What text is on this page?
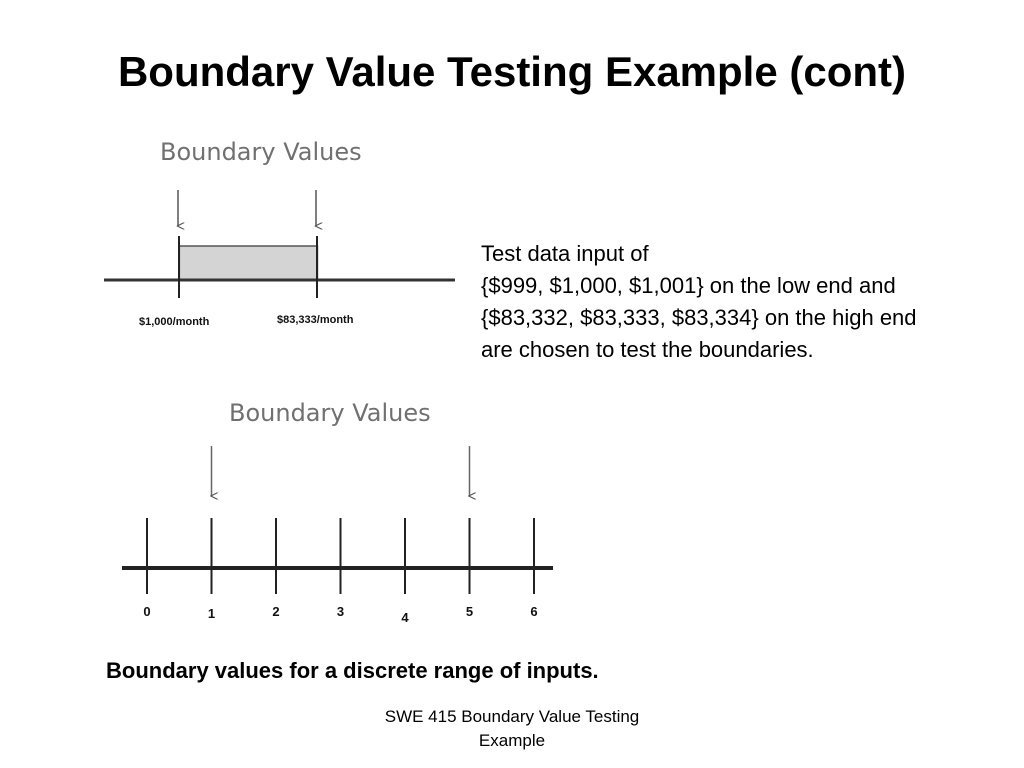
Boundary Value Testing Example (cont)
Boundary Values
$1,000/month	$83,333/month
Boundary Values
0	1	2	3	4	5	6
Test data input of
{$999, $1,000, $1,001} on the low end and
{$83,332, $83,333, $83,334} on the high end
are chosen to test the boundaries.
Boundary values for a discrete range of inputs.
SWE 415 Boundary Value Testing
Example
